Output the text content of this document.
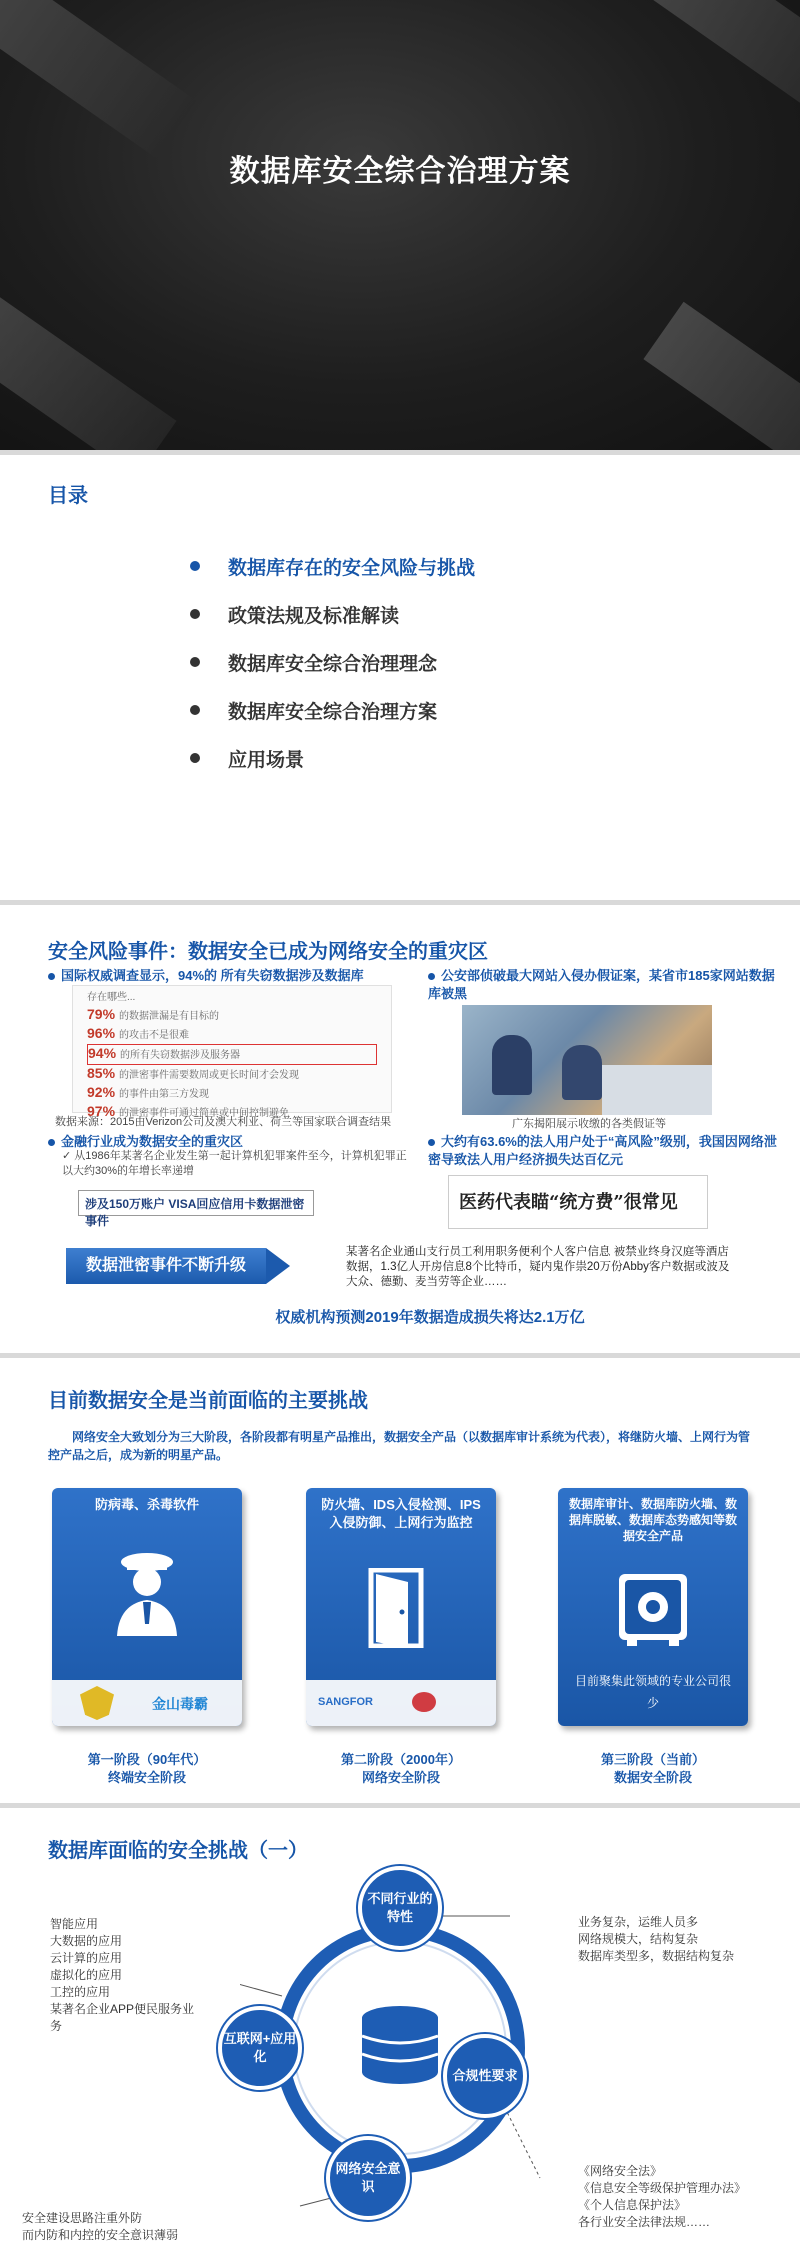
数据库安全综合治理方案
目录
数据库存在的安全风险与挑战
政策法规及标准解读
数据库安全综合治理理念
数据库安全综合治理方案
应用场景
安全风险事件：数据安全已成为网络安全的重灾区
国际权威调查显示，94%的 所有失窃数据涉及数据库
存在哪些...
79% 的数据泄漏是有目标的
96% 的攻击不是很难
94% 的所有失窃数据涉及服务器
85% 的泄密事件需要数周或更长时间才会发现
92% 的事件由第三方发现
97% 的泄密事件可通过简单或中间控制避免
数据来源：2015由Verizon公司及澳大利亚、荷兰等国家联合调查结果
金融行业成为数据安全的重灾区
✓ 从1986年某著名企业发生第一起计算机犯罪案件至今，计算机犯罪正以大约30%的年增长率递增
涉及150万账户 VISA回应信用卡数据泄密事件
公安部侦破最大网站入侵办假证案，某省市185家网站数据库被黑
广东揭阳展示收缴的各类假证等
大约有63.6%的法人用户处于“高风险”级别，我国因网络泄密导致法人用户经济损失达百亿元
医药代表瞄“统方费”很常见
数据泄密事件不断升级
某著名企业通山支行员工利用职务便利个人客户信息 被禁业终身汉庭等酒店数据，1.3亿人开房信息8个比特币，疑内鬼作祟20万份Abby客户数据或波及大众、德勤、麦当劳等企业……
权威机构预测2019年数据造成损失将达2.1万亿
目前数据安全是当前面临的主要挑战
网络安全大致划分为三大阶段，各阶段都有明星产品推出，数据安全产品（以数据库审计系统为代表），将继防火墙、上网行为管控产品之后，成为新的明星产品。
防病毒、杀毒软件
金山毒霸
第一阶段（90年代）
终端安全阶段
防火墙、IDS入侵检测、IPS入侵防御、上网行为监控
SANGFOR
第二阶段（2000年）
网络安全阶段
数据库审计、数据库防火墙、数据库脱敏、数据库态势感知等数据安全产品
目前聚集此领域的专业公司很少
第三阶段（当前）
数据安全阶段
数据库面临的安全挑战（一）
不同行业的特性
互联网+应用化
合规性要求
网络安全意识
智能应用
大数据的应用
云计算的应用
虚拟化的应用
工控的应用
某著名企业APP便民服务业务
业务复杂，运维人员多
网络规模大，结构复杂
数据库类型多，数据结构复杂
《网络安全法》
《信息安全等级保护管理办法》
《个人信息保护法》
各行业安全法律法规……
安全建设思路注重外防
而内防和内控的安全意识薄弱
